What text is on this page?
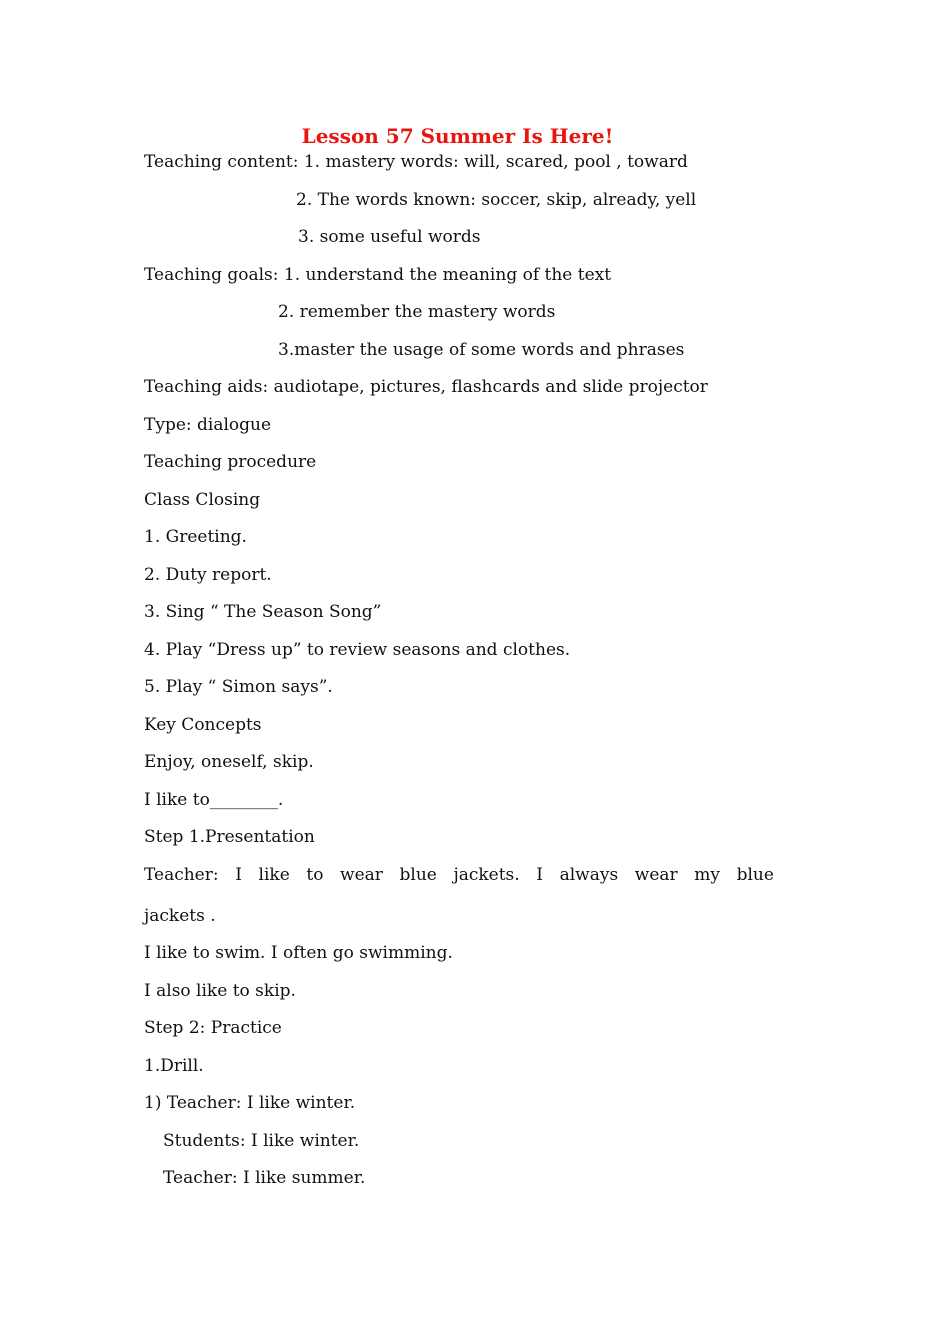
Lesson 57 Summer Is Here!

Teaching content: 1. mastery words: will, scared, pool , toward

2. The words known: soccer, skip, already, yell

3. some useful words

Teaching goals: 1. understand the meaning of the text

2. remember the mastery words

3.master the usage of some words and phrases

Teaching aids: audiotape, pictures, flashcards and slide projector

Type: dialogue

Teaching procedure

Class Closing

1. Greeting.

2. Duty report.

3. Sing “ The Season Song”

4. Play “Dress up” to review seasons and clothes.

5. Play “ Simon says”.

Key Concepts

Enjoy, oneself, skip.

I like to________.

Step 1.Presentation

Teacher: I like to wear blue jackets. I always wear my blue

jackets .

I like to swim. I often go swimming.

I also like to skip.

Step 2: Practice

1.Drill.

1) Teacher: I like winter.

Students: I like winter.

Teacher: I like summer.
